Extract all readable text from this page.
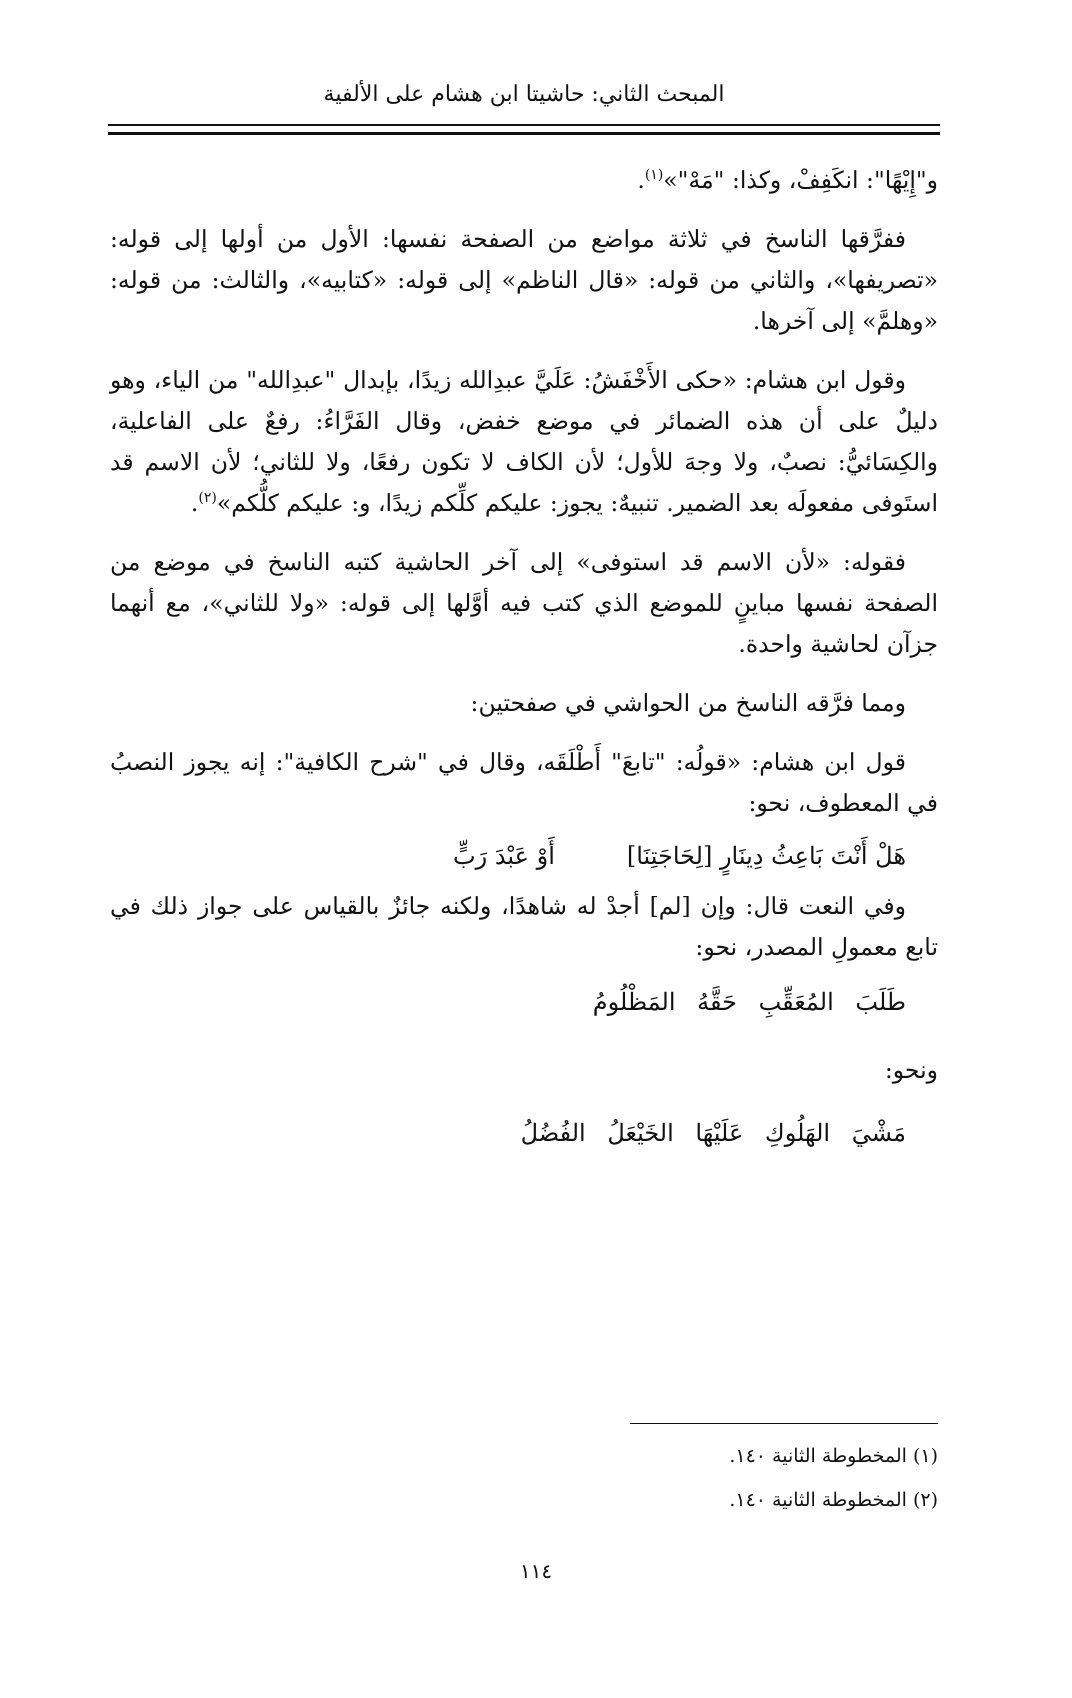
المبحث الثاني: حاشيتا ابن هشام على الألفية

و"إِيْهًا": انكَفِفْ، وكذا: "مَهْ"»$^{(١)}$.

ففرَّقها الناسخ في ثلاثة مواضع من الصفحة نفسها: الأول من أولها إلى قوله: «تصريفها»، والثاني من قوله: «قال الناظم» إلى قوله: «كتابيه»، والثالث: من قوله: «وهلمَّ» إلى آخرها.

وقول ابن هشام: «حكى الأَخْفَشُ: عَلَيَّ عبدِالله زيدًا، بإبدال "عبدِالله" من الياء، وهو دليلٌ على أن هذه الضمائر في موضع خفض، وقال الفَرَّاءُ: رفعٌ على الفاعلية، والكِسَائيُّ: نصبٌ، ولا وجهَ للأول؛ لأن الكاف لا تكون رفعًا، ولا للثاني؛ لأن الاسم قد استَوفى مفعولَه بعد الضمير. تنبيهٌ: يجوز: عليكم كلِّكم زيدًا، و: عليكم كلُّكم»$^{(٢)}$.

فقوله: «لأن الاسم قد استوفى» إلى آخر الحاشية كتبه الناسخ في موضع من الصفحة نفسها مباينٍ للموضع الذي كتب فيه أوَّلها إلى قوله: «ولا للثاني»، مع أنهما جزآن لحاشية واحدة.

ومما فرَّقه الناسخ من الحواشي في صفحتين:

قول ابن هشام: «قولُه: "تابعَ" أَطْلَقَه، وقال في "شرح الكافية": إنه يجوز النصبُ في المعطوف، نحو:

هَلْ أَنْتَ بَاعِثُ دِينَارٍ [لِحَاجَتِنَا]
أَوْ عَبْدَ رَبٍّ

وفي النعت قال: وإن [لم] أجدْ له شاهدًا، ولكنه جائزٌ بالقياس على جواز ذلك في تابع معمولِ المصدر، نحو:

طَلَبَ المُعَقِّبِ حَقَّهُ المَظْلُومُ

ونحو:

مَشْيَ الهَلُوكِ عَلَيْهَا الخَيْعَلُ الفُضُلُ

(١) المخطوطة الثانية ١٤٠.

(٢) المخطوطة الثانية ١٤٠.

١١٤
